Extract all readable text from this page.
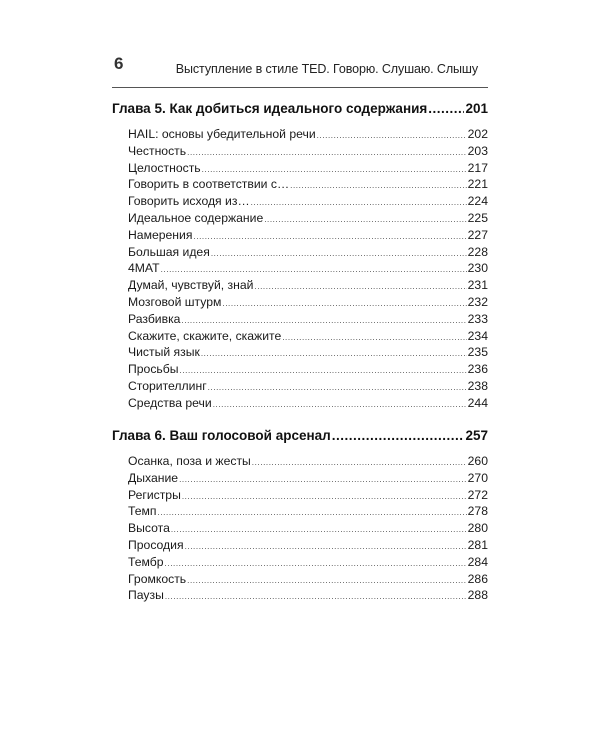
6	Выступление в стиле TED. Говорю. Слушаю. Слышу
Глава 5. Как добиться идеального содержания .....	201
HAIL: основы убедительной речи .....	202
Честность .....	203
Целостность .....	217
Говорить в соответствии с… .....	221
Говорить исходя из… .....	224
Идеальное содержание .....	225
Намерения .....	227
Большая идея .....	228
4MAT .....	230
Думай, чувствуй, знай .....	231
Мозговой штурм .....	232
Разбивка .....	233
Скажите, скажите, скажите .....	234
Чистый язык .....	235
Просьбы .....	236
Сторителлинг .....	238
Средства речи .....	244
Глава 6. Ваш голосовой арсенал .....	257
Осанка, поза и жесты .....	260
Дыхание .....	270
Регистры .....	272
Темп .....	278
Высота .....	280
Просодия .....	281
Тембр .....	284
Громкость .....	286
Паузы .....	288
